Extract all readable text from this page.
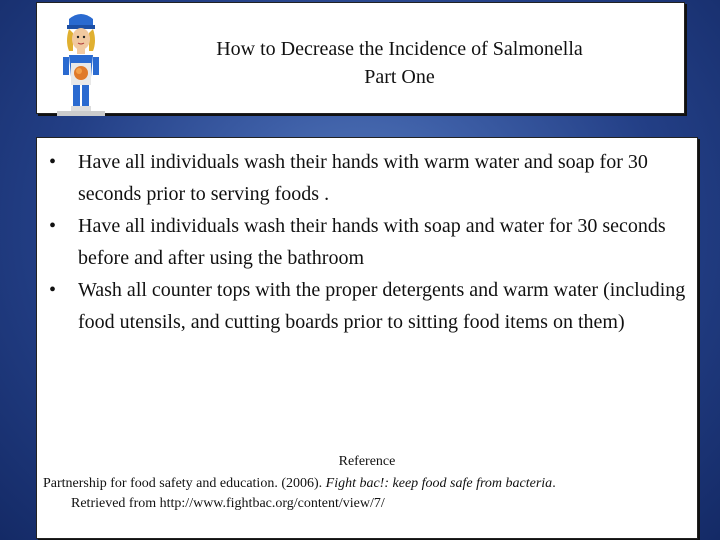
How to Decrease the Incidence of Salmonella
Part One
• Have all individuals wash their hands with warm water and soap for 30 seconds prior to serving foods .
• Have all individuals wash their hands with soap and water for 30 seconds before and after using the bathroom
• Wash all counter tops with the proper detergents and warm water (including food utensils, and cutting boards prior to sitting food items on them)
Reference
Partnership for food safety and education. (2006). Fight bac!: keep food safe from bacteria.
Retrieved from http://www.fightbac.org/content/view/7/
